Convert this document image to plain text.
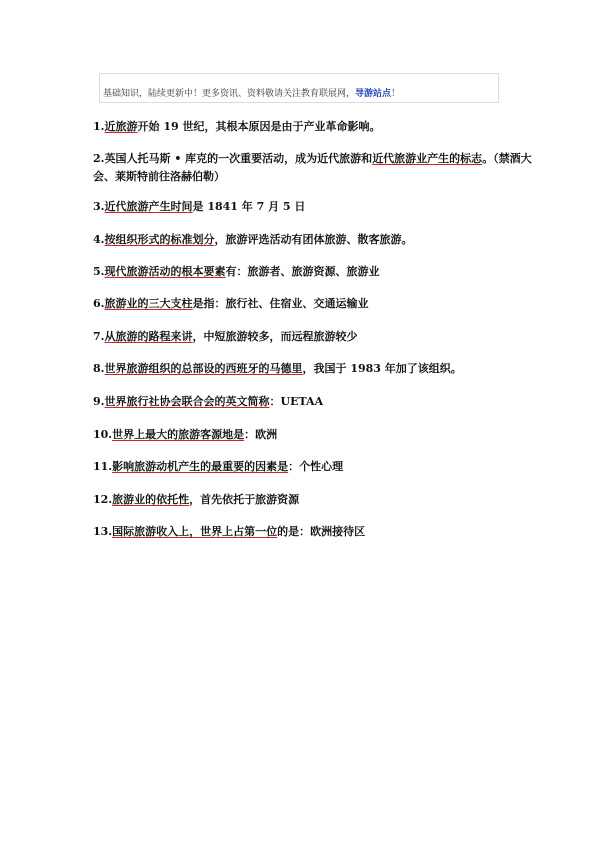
基础知识，陆续更新中！更多资讯、资料敬请关注教育联展网，导游站点！
1.近旅游开始 19 世纪，其根本原因是由于产业革命影响。
2.英国人托马斯 • 库克的一次重要活动，成为近代旅游和近代旅游业产生的标志。（禁酒大会、莱斯特前往洛赫伯勒）
3.近代旅游产生时间是 1841 年 7 月 5 日
4.按组织形式的标准划分，旅游评选活动有团体旅游、散客旅游。
5.现代旅游活动的根本要素有：旅游者、旅游资源、旅游业
6.旅游业的三大支柱是指：旅行社、住宿业、交通运输业
7.从旅游的路程来讲，中短旅游较多，而远程旅游较少
8.世界旅游组织的总部设的西班牙的马德里，我国于 1983 年加了该组织。
9.世界旅行社协会联合会的英文简称：UETAA
10.世界上最大的旅游客源地是：欧洲
11.影响旅游动机产生的最重要的因素是：个性心理
12.旅游业的依托性，首先依托于旅游资源
13.国际旅游收入上，世界上占第一位的是：欧洲接待区
